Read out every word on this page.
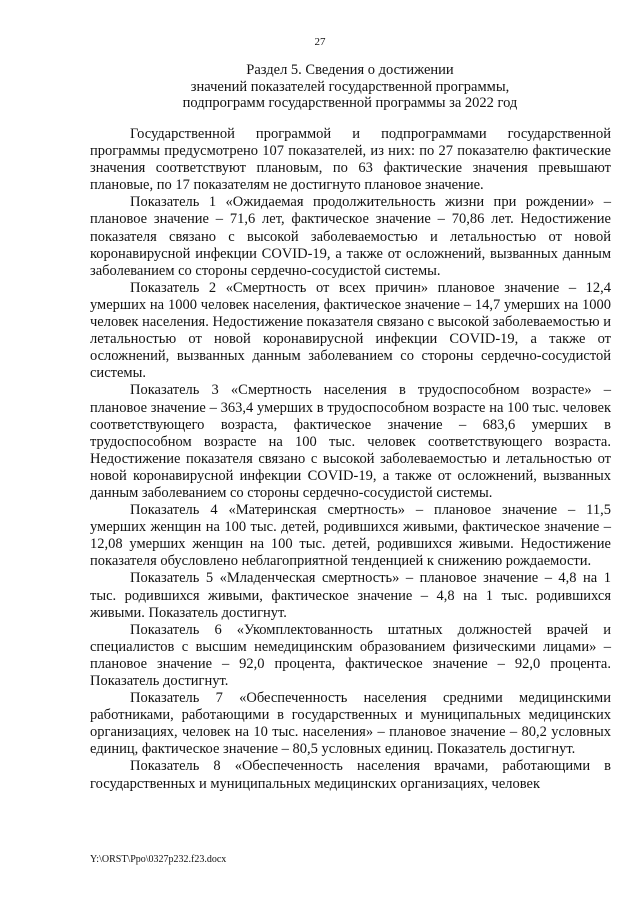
27
Раздел 5. Сведения о достижении
значений показателей государственной программы,
подпрограмм государственной программы за 2022 год

Государственной программой и подпрограммами государственной программы предусмотрено 107 показателей, из них: по 27 показателю фактические значения соответствуют плановым, по 63 фактические значения превышают плановые, по 17 показателям не достигнуто плановое значение.

Показатель 1 «Ожидаемая продолжительность жизни при рождении» – плановое значение – 71,6 лет, фактическое значение – 70,86 лет. Недостижение показателя связано с высокой заболеваемостью и летальностью от новой коронавирусной инфекции COVID-19, а также от осложнений, вызванных данным заболеванием со стороны сердечно-сосудистой системы.

Показатель 2 «Смертность от всех причин» плановое значение – 12,4 умерших на 1000 человек населения, фактическое значение – 14,7 умерших на 1000 человек населения. Недостижение показателя связано с высокой заболеваемостью и летальностью от новой коронавирусной инфекции COVID-19, а также от осложнений, вызванных данным заболеванием со стороны сердечно-сосудистой системы.

Показатель 3 «Смертность населения в трудоспособном возрасте» – плановое значение – 363,4 умерших в трудоспособном возрасте на 100 тыс. человек соответствующего возраста, фактическое значение – 683,6 умерших в трудоспособном возрасте на 100 тыс. человек соответствующего возраста. Недостижение показателя связано с высокой заболеваемостью и летальностью от новой коронавирусной инфекции COVID-19, а также от осложнений, вызванных данным заболеванием со стороны сердечно-сосудистой системы.

Показатель 4 «Материнская смертность» – плановое значение – 11,5 умерших женщин на 100 тыс. детей, родившихся живыми, фактическое значение – 12,08 умерших женщин на 100 тыс. детей, родившихся живыми. Недостижение показателя обусловлено неблагоприятной тенденцией к снижению рождаемости.

Показатель 5 «Младенческая смертность» – плановое значение – 4,8 на 1 тыс. родившихся живыми, фактическое значение – 4,8 на 1 тыс. родившихся живыми. Показатель достигнут.

Показатель 6 «Укомплектованность штатных должностей врачей и специалистов с высшим немедицинским образованием физическими лицами» – плановое значение – 92,0 процента, фактическое значение – 92,0 процента. Показатель достигнут.

Показатель 7 «Обеспеченность населения средними медицинскими работниками, работающими в государственных и муниципальных медицинских организациях, человек на 10 тыс. населения» – плановое значение – 80,2 условных единиц, фактическое значение – 80,5 условных единиц. Показатель достигнут.

Показатель 8 «Обеспеченность населения врачами, работающими в государственных и муниципальных медицинских организациях, человек

Y:\ORST\Ppo\0327p232.f23.docx
